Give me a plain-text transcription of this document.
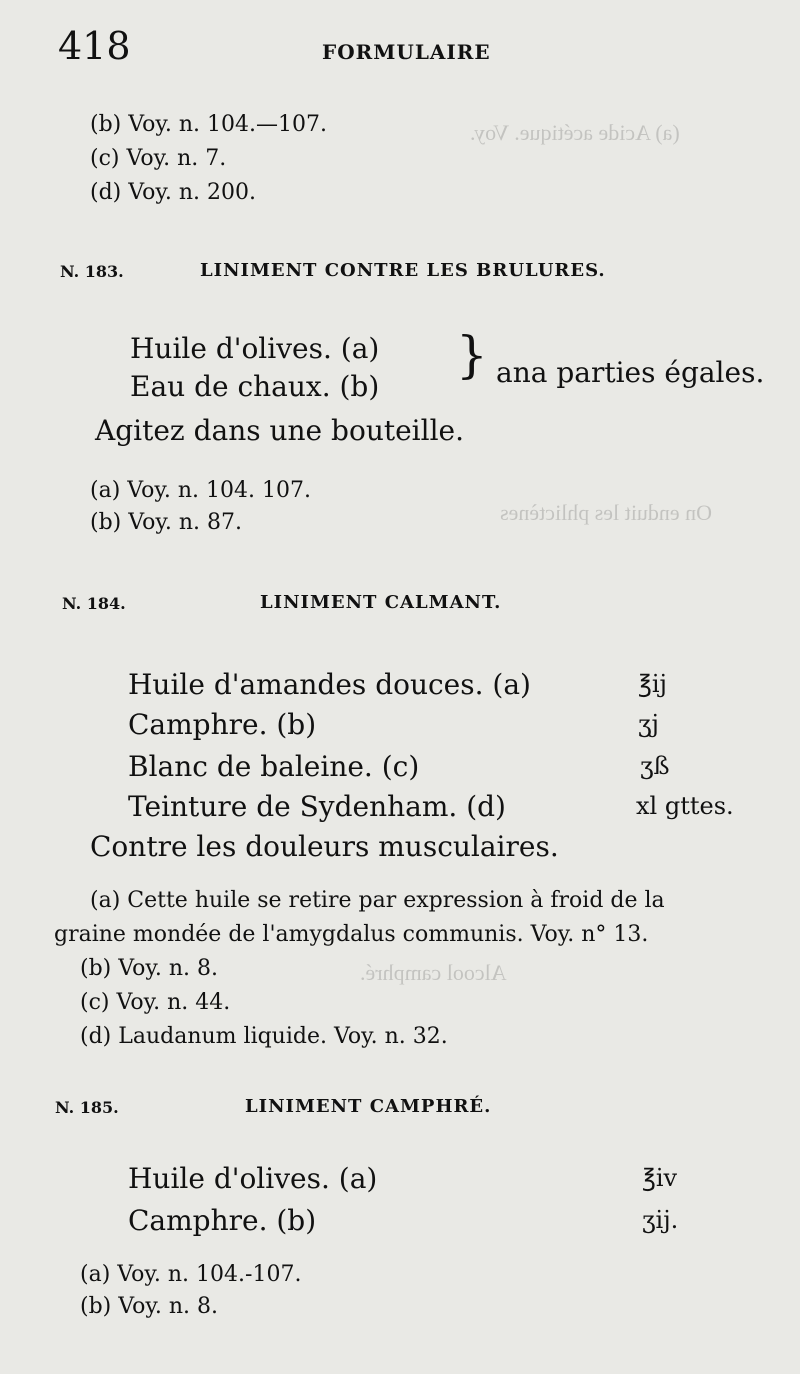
(a) Acide acétique. Voy.
On enduit les phlictènes
Alcool camphré.
418	FORMULAIRE
(b) Voy. n. 104.—107.
(c) Voy. n. 7.
(d) Voy. n. 200.
N. 183.	LINIMENT CONTRE LES BRULURES.
Huile d'olives. (a)
Eau de chaux. (b)
} ana parties égales.
Agitez dans une bouteille.
(a) Voy. n. 104. 107.
(b) Voy. n. 87.
N. 184.	LINIMENT CALMANT.
Huile d'amandes douces. (a)	℥ij
Camphre. (b)	ʒj
Blanc de baleine. (c)	ʒß
Teinture de Sydenham. (d)	xl gttes.
Contre les douleurs musculaires.
(a) Cette huile se retire par expression à froid de la
graine mondée de l'amygdalus communis. Voy. n° 13.
(b) Voy. n. 8.
(c) Voy. n. 44.
(d) Laudanum liquide. Voy. n. 32.
N. 185.	LINIMENT CAMPHRÉ.
Huile d'olives. (a)	℥iv
Camphre. (b)	ʒij.
(a) Voy. n. 104.-107.
(b) Voy. n. 8.
